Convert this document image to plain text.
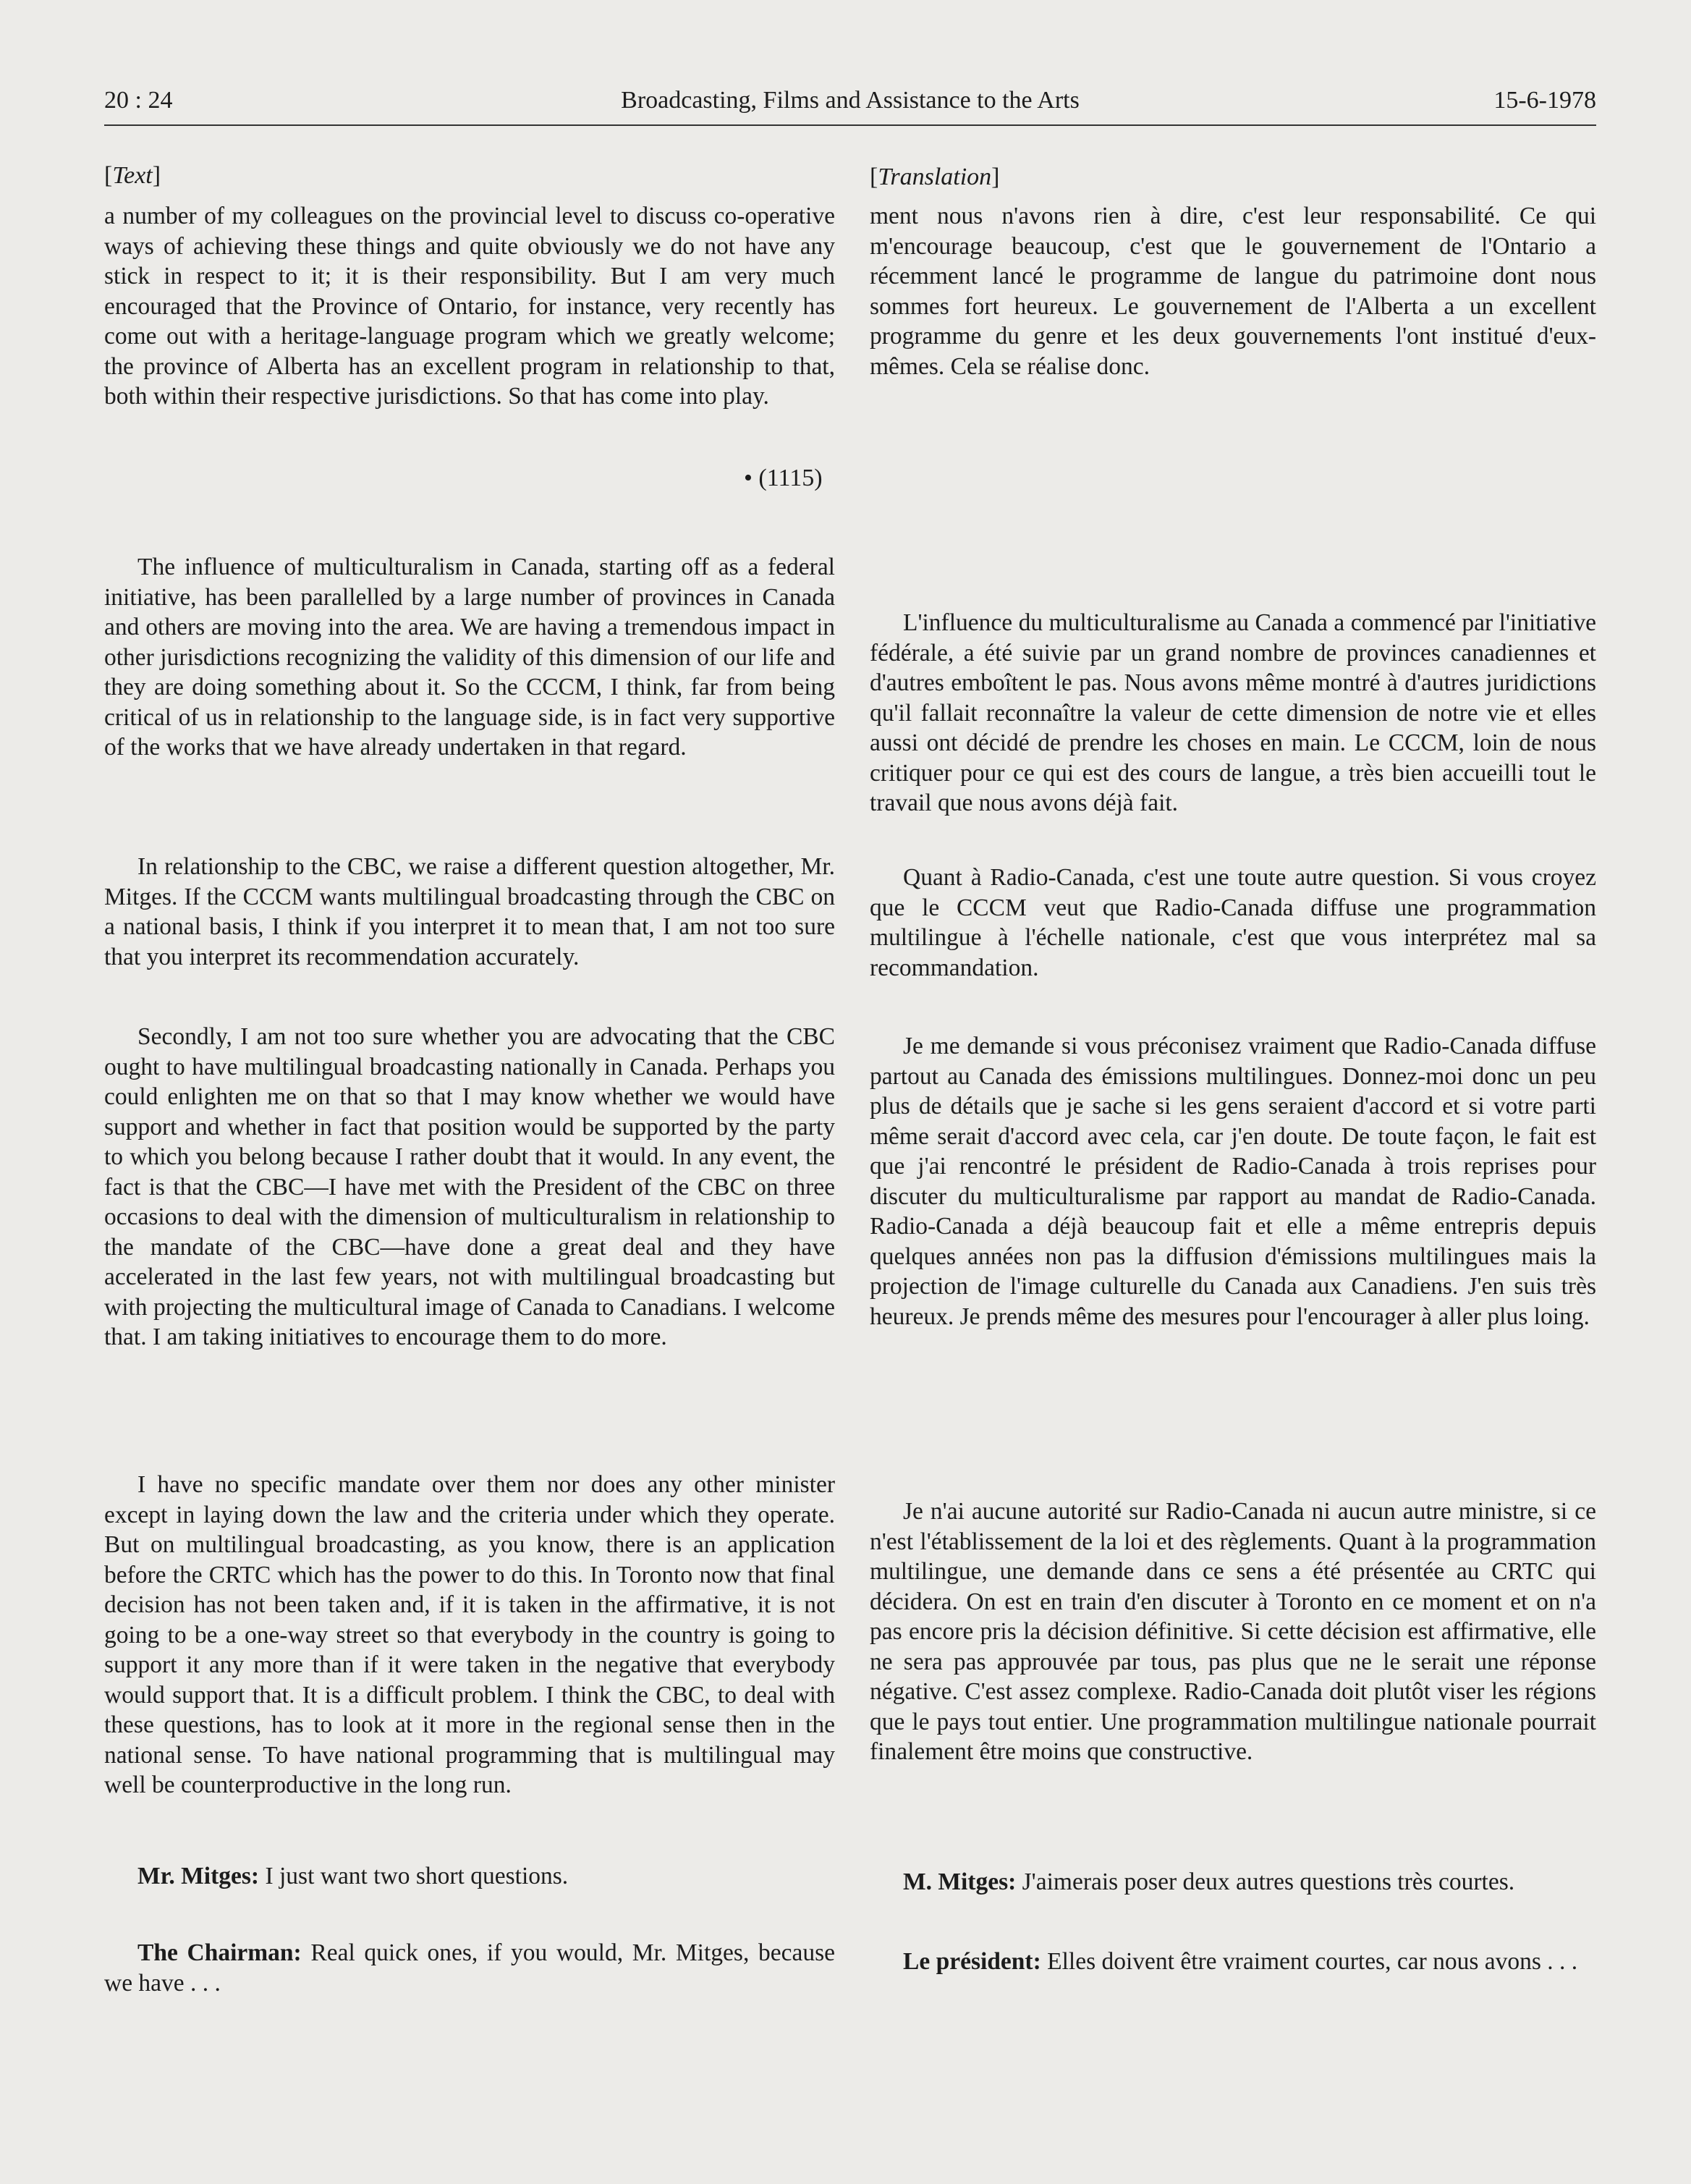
20 : 24	Broadcasting, Films and Assistance to the Arts	15-6-1978
[Text]

a number of my colleagues on the provincial level to discuss co-operative ways of achieving these things and quite obviously we do not have any stick in respect to it; it is their responsibility. But I am very much encouraged that the Province of Ontario, for instance, very recently has come out with a heritage-language program which we greatly welcome; the province of Alberta has an excellent program in relationship to that, both within their respective jurisdictions. So that has come into play.

The influence of multiculturalism in Canada, starting off as a federal initiative, has been parallelled by a large number of provinces in Canada and others are moving into the area. We are having a tremendous impact in other jurisdictions recognizing the validity of this dimension of our life and they are doing something about it. So the CCCM, I think, far from being critical of us in relationship to the language side, is in fact very supportive of the works that we have already undertaken in that regard.

In relationship to the CBC, we raise a different question altogether, Mr. Mitges. If the CCCM wants multilingual broadcasting through the CBC on a national basis, I think if you interpret it to mean that, I am not too sure that you interpret its recommendation accurately.

Secondly, I am not too sure whether you are advocating that the CBC ought to have multilingual broadcasting nationally in Canada. Perhaps you could enlighten me on that so that I may know whether we would have support and whether in fact that position would be supported by the party to which you belong because I rather doubt that it would. In any event, the fact is that the CBC—I have met with the President of the CBC on three occasions to deal with the dimension of multiculturalism in relationship to the mandate of the CBC—have done a great deal and they have accelerated in the last few years, not with multilingual broadcasting but with projecting the multicultural image of Canada to Canadians. I welcome that. I am taking initiatives to encourage them to do more.

I have no specific mandate over them nor does any other minister except in laying down the law and the criteria under which they operate. But on multilingual broadcasting, as you know, there is an application before the CRTC which has the power to do this. In Toronto now that final decision has not been taken and, if it is taken in the affirmative, it is not going to be a one-way street so that everybody in the country is going to support it any more than if it were taken in the negative that everybody would support that. It is a difficult problem. I think the CBC, to deal with these questions, has to look at it more in the regional sense then in the national sense. To have national programming that is multilingual may well be counterproductive in the long run.

Mr. Mitges: I just want two short questions.

The Chairman: Real quick ones, if you would, Mr. Mitges, because we have . . .

• (1115)
[Translation]

ment nous n'avons rien à dire, c'est leur responsabilité. Ce qui m'encourage beaucoup, c'est que le gouvernement de l'Ontario a récemment lancé le programme de langue du patrimoine dont nous sommes fort heureux. Le gouvernement de l'Alberta a un excellent programme du genre et les deux gouvernements l'ont institué d'eux-mêmes. Cela se réalise donc.

L'influence du multiculturalisme au Canada a commencé par l'initiative fédérale, a été suivie par un grand nombre de provinces canadiennes et d'autres emboîtent le pas. Nous avons même montré à d'autres juridictions qu'il fallait reconnaître la valeur de cette dimension de notre vie et elles aussi ont décidé de prendre les choses en main. Le CCCM, loin de nous critiquer pour ce qui est des cours de langue, a très bien accueilli tout le travail que nous avons déjà fait.

Quant à Radio-Canada, c'est une toute autre question. Si vous croyez que le CCCM veut que Radio-Canada diffuse une programmation multilingue à l'échelle nationale, c'est que vous interprétez mal sa recommandation.

Je me demande si vous préconisez vraiment que Radio-Canada diffuse partout au Canada des émissions multilingues. Donnez-moi donc un peu plus de détails que je sache si les gens seraient d'accord et si votre parti même serait d'accord avec cela, car j'en doute. De toute façon, le fait est que j'ai rencontré le président de Radio-Canada à trois reprises pour discuter du multiculturalisme par rapport au mandat de Radio-Canada. Radio-Canada a déjà beaucoup fait et elle a même entrepris depuis quelques années non pas la diffusion d'émissions multilingues mais la projection de l'image culturelle du Canada aux Canadiens. J'en suis très heureux. Je prends même des mesures pour l'encourager à aller plus loing.

Je n'ai aucune autorité sur Radio-Canada ni aucun autre ministre, si ce n'est l'établissement de la loi et des règlements. Quant à la programmation multilingue, une demande dans ce sens a été présentée au CRTC qui décidera. On est en train d'en discuter à Toronto en ce moment et on n'a pas encore pris la décision définitive. Si cette décision est affirmative, elle ne sera pas approuvée par tous, pas plus que ne le serait une réponse négative. C'est assez complexe. Radio-Canada doit plutôt viser les régions que le pays tout entier. Une programmation multilingue nationale pourrait finalement être moins que constructive.

M. Mitges: J'aimerais poser deux autres questions très courtes.

Le président: Elles doivent être vraiment courtes, car nous avons . . .
